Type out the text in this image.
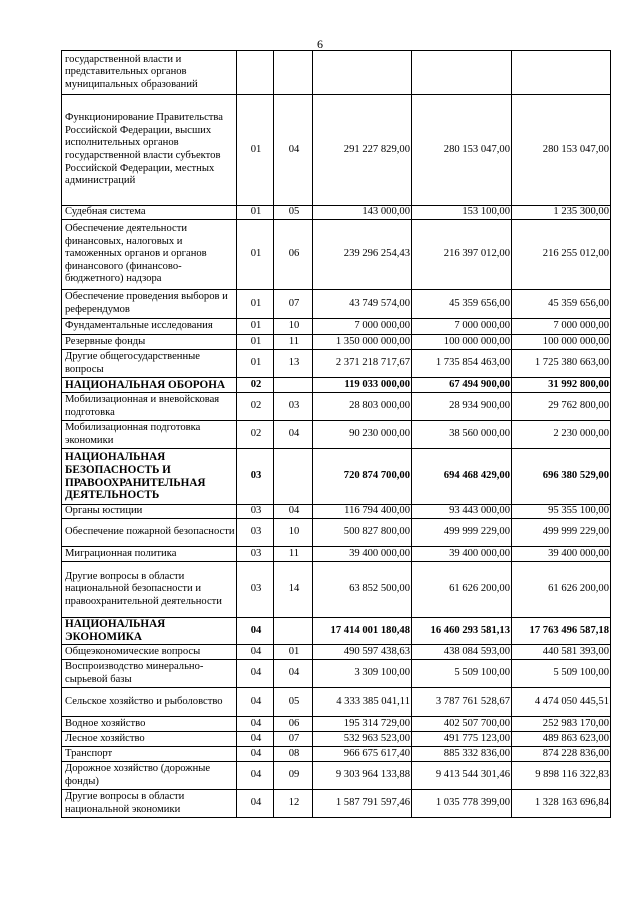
6
государственной власти и представительных органов муниципальных образований					
Функционирование Правительства Российской Федерации, высших исполнительных органов государственной власти субъектов Российской Федерации, местных администраций	01	04	291 227 829,00	280 153 047,00	280 153 047,00
Судебная система	01	05	143 000,00	153 100,00	1 235 300,00
Обеспечение деятельности финансовых, налоговых и таможенных органов и органов финансового (финансово-бюджетного) надзора	01	06	239 296 254,43	216 397 012,00	216 255 012,00
Обеспечение проведения выборов и референдумов	01	07	43 749 574,00	45 359 656,00	45 359 656,00
Фундаментальные исследования	01	10	7 000 000,00	7 000 000,00	7 000 000,00
Резервные фонды	01	11	1 350 000 000,00	100 000 000,00	100 000 000,00
Другие общегосударственные вопросы	01	13	2 371 218 717,67	1 735 854 463,00	1 725 380 663,00
НАЦИОНАЛЬНАЯ ОБОРОНА	02		119 033 000,00	67 494 900,00	31 992 800,00
Мобилизационная и вневойсковая подготовка	02	03	28 803 000,00	28 934 900,00	29 762 800,00
Мобилизационная подготовка экономики	02	04	90 230 000,00	38 560 000,00	2 230 000,00
НАЦИОНАЛЬНАЯ БЕЗОПАСНОСТЬ И ПРАВООХРАНИТЕЛЬНАЯ ДЕЯТЕЛЬНОСТЬ	03		720 874 700,00	694 468 429,00	696 380 529,00
Органы юстиции	03	04	116 794 400,00	93 443 000,00	95 355 100,00
Обеспечение пожарной безопасности	03	10	500 827 800,00	499 999 229,00	499 999 229,00
Миграционная политика	03	11	39 400 000,00	39 400 000,00	39 400 000,00
Другие вопросы в области национальной безопасности и правоохранительной деятельности	03	14	63 852 500,00	61 626 200,00	61 626 200,00
НАЦИОНАЛЬНАЯ ЭКОНОМИКА	04		17 414 001 180,48	16 460 293 581,13	17 763 496 587,18
Общеэкономические вопросы	04	01	490 597 438,63	438 084 593,00	440 581 393,00
Воспроизводство минерально-сырьевой базы	04	04	3 309 100,00	5 509 100,00	5 509 100,00
Сельское хозяйство и рыболовство	04	05	4 333 385 041,11	3 787 761 528,67	4 474 050 445,51
Водное хозяйство	04	06	195 314 729,00	402 507 700,00	252 983 170,00
Лесное хозяйство	04	07	532 963 523,00	491 775 123,00	489 863 623,00
Транспорт	04	08	966 675 617,40	885 332 836,00	874 228 836,00
Дорожное хозяйство (дорожные фонды)	04	09	9 303 964 133,88	9 413 544 301,46	9 898 116 322,83
Другие вопросы в области национальной экономики	04	12	1 587 791 597,46	1 035 778 399,00	1 328 163 696,84
